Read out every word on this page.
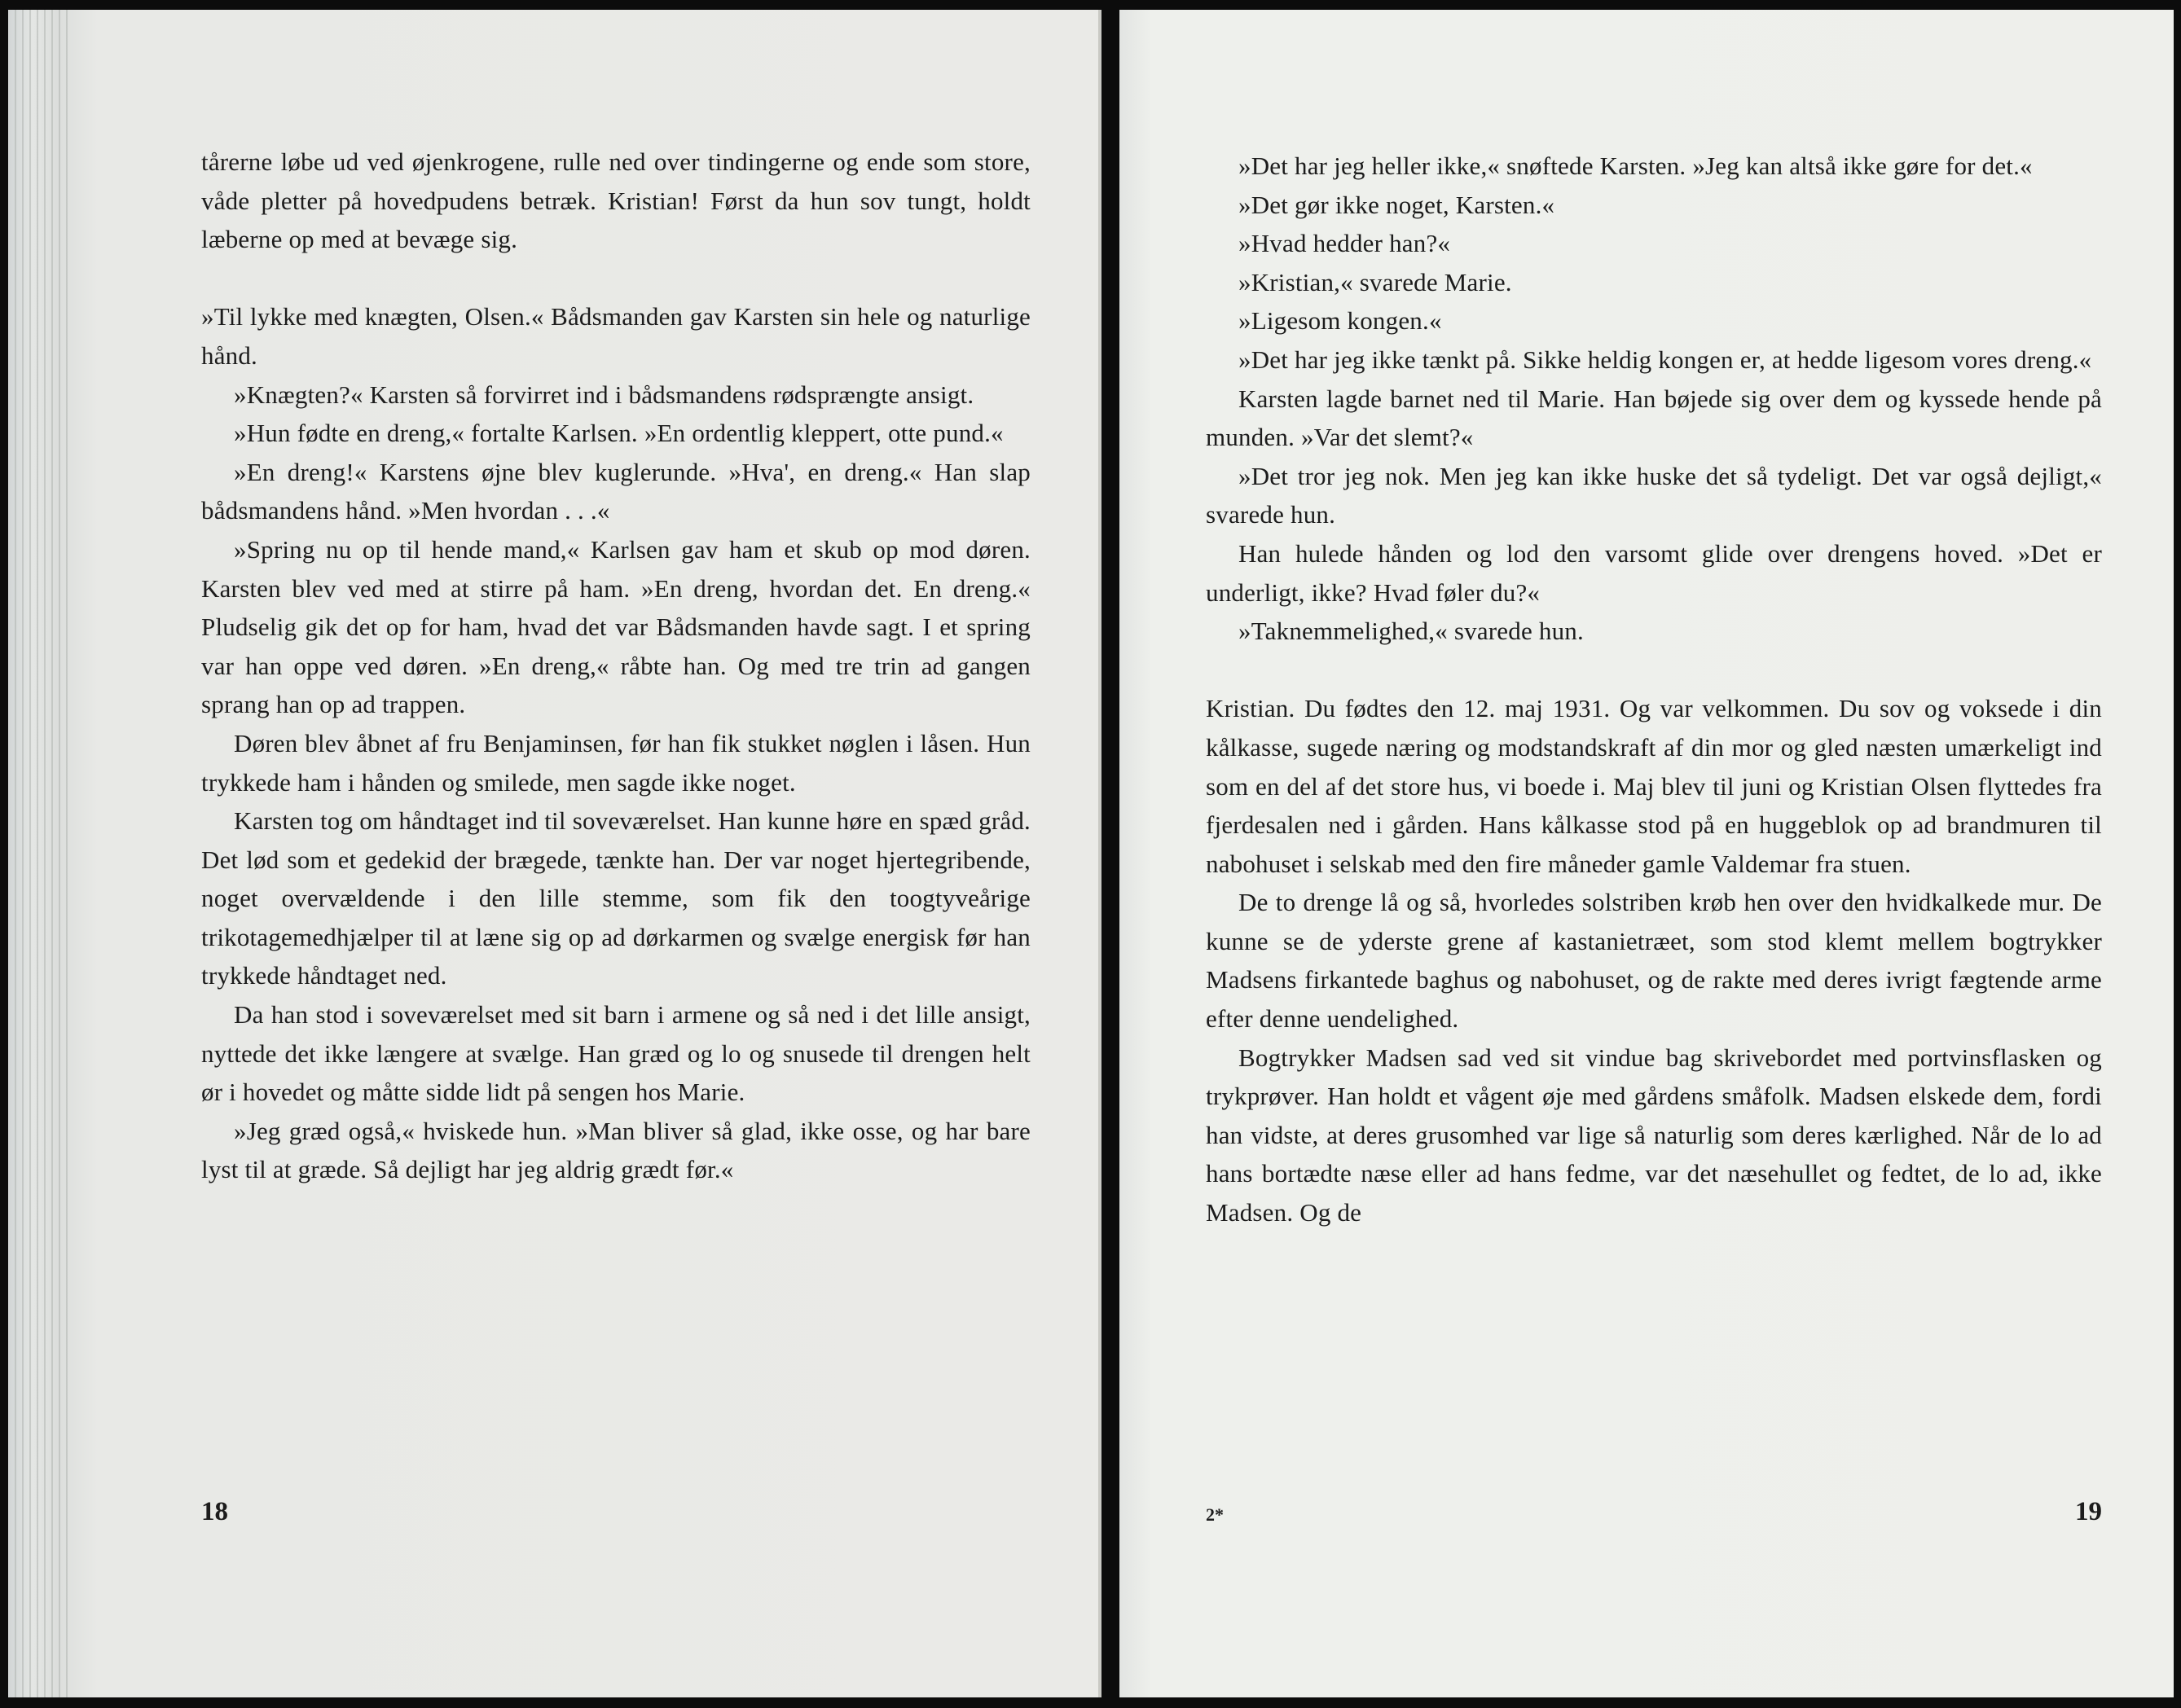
tårerne løbe ud ved øjenkrogene, rulle ned over tindingerne og ende som store, våde pletter på hovedpudens betræk. Kristian! Først da hun sov tungt, holdt læberne op med at bevæge sig.

»Til lykke med knægten, Olsen.« Bådsmanden gav Karsten sin hele og naturlige hånd.

»Knægten?« Karsten så forvirret ind i bådsmandens rødsprængte ansigt.

»Hun fødte en dreng,« fortalte Karlsen. »En ordentlig kleppert, otte pund.«

»En dreng!« Karstens øjne blev kuglerunde. »Hva', en dreng.« Han slap bådsmandens hånd. »Men hvordan . . .«

»Spring nu op til hende mand,« Karlsen gav ham et skub op mod døren. Karsten blev ved med at stirre på ham. »En dreng, hvordan det. En dreng.« Pludselig gik det op for ham, hvad det var Bådsmanden havde sagt. I et spring var han oppe ved døren. »En dreng,« råbte han. Og med tre trin ad gangen sprang han op ad trappen.

Døren blev åbnet af fru Benjaminsen, før han fik stukket nøglen i låsen. Hun trykkede ham i hånden og smilede, men sagde ikke noget.

Karsten tog om håndtaget ind til soveværelset. Han kunne høre en spæd gråd. Det lød som et gedekid der brægede, tænkte han. Der var noget hjertegribende, noget overvældende i den lille stemme, som fik den toogtyveårige trikotagemedhjælper til at læne sig op ad dørkarmen og svælge energisk før han trykkede håndtaget ned.

Da han stod i soveværelset med sit barn i armene og så ned i det lille ansigt, nyttede det ikke længere at svælge. Han græd og lo og snusede til drengen helt ør i hovedet og måtte sidde lidt på sengen hos Marie.

»Jeg græd også,« hviskede hun. »Man bliver så glad, ikke osse, og har bare lyst til at græde. Så dejligt har jeg aldrig grædt før.«

18

»Det har jeg heller ikke,« snøftede Karsten. »Jeg kan altså ikke gøre for det.«

»Det gør ikke noget, Karsten.«

»Hvad hedder han?«

»Kristian,« svarede Marie.

»Ligesom kongen.«

»Det har jeg ikke tænkt på. Sikke heldig kongen er, at hedde ligesom vores dreng.«

Karsten lagde barnet ned til Marie. Han bøjede sig over dem og kyssede hende på munden. »Var det slemt?«

»Det tror jeg nok. Men jeg kan ikke huske det så tydeligt. Det var også dejligt,« svarede hun.

Han hulede hånden og lod den varsomt glide over drengens hoved. »Det er underligt, ikke? Hvad føler du?«

»Taknemmelighed,« svarede hun.

Kristian. Du fødtes den 12. maj 1931. Og var velkommen. Du sov og voksede i din kålkasse, sugede næring og modstandskraft af din mor og gled næsten umærkeligt ind som en del af det store hus, vi boede i. Maj blev til juni og Kristian Olsen flyttedes fra fjerdesalen ned i gården. Hans kålkasse stod på en huggeblok op ad brandmuren til nabohuset i selskab med den fire måneder gamle Valdemar fra stuen.

De to drenge lå og så, hvorledes solstriben krøb hen over den hvidkalkede mur. De kunne se de yderste grene af kastanietræet, som stod klemt mellem bogtrykker Madsens firkantede baghus og nabohuset, og de rakte med deres ivrigt fægtende arme efter denne uendelighed.

Bogtrykker Madsen sad ved sit vindue bag skrivebordet med portvinsflasken og trykprøver. Han holdt et vågent øje med gårdens småfolk. Madsen elskede dem, fordi han vidste, at deres grusomhed var lige så naturlig som deres kærlighed. Når de lo ad hans bortædte næse eller ad hans fedme, var det næsehullet og fedtet, de lo ad, ikke Madsen. Og de

2*	19
